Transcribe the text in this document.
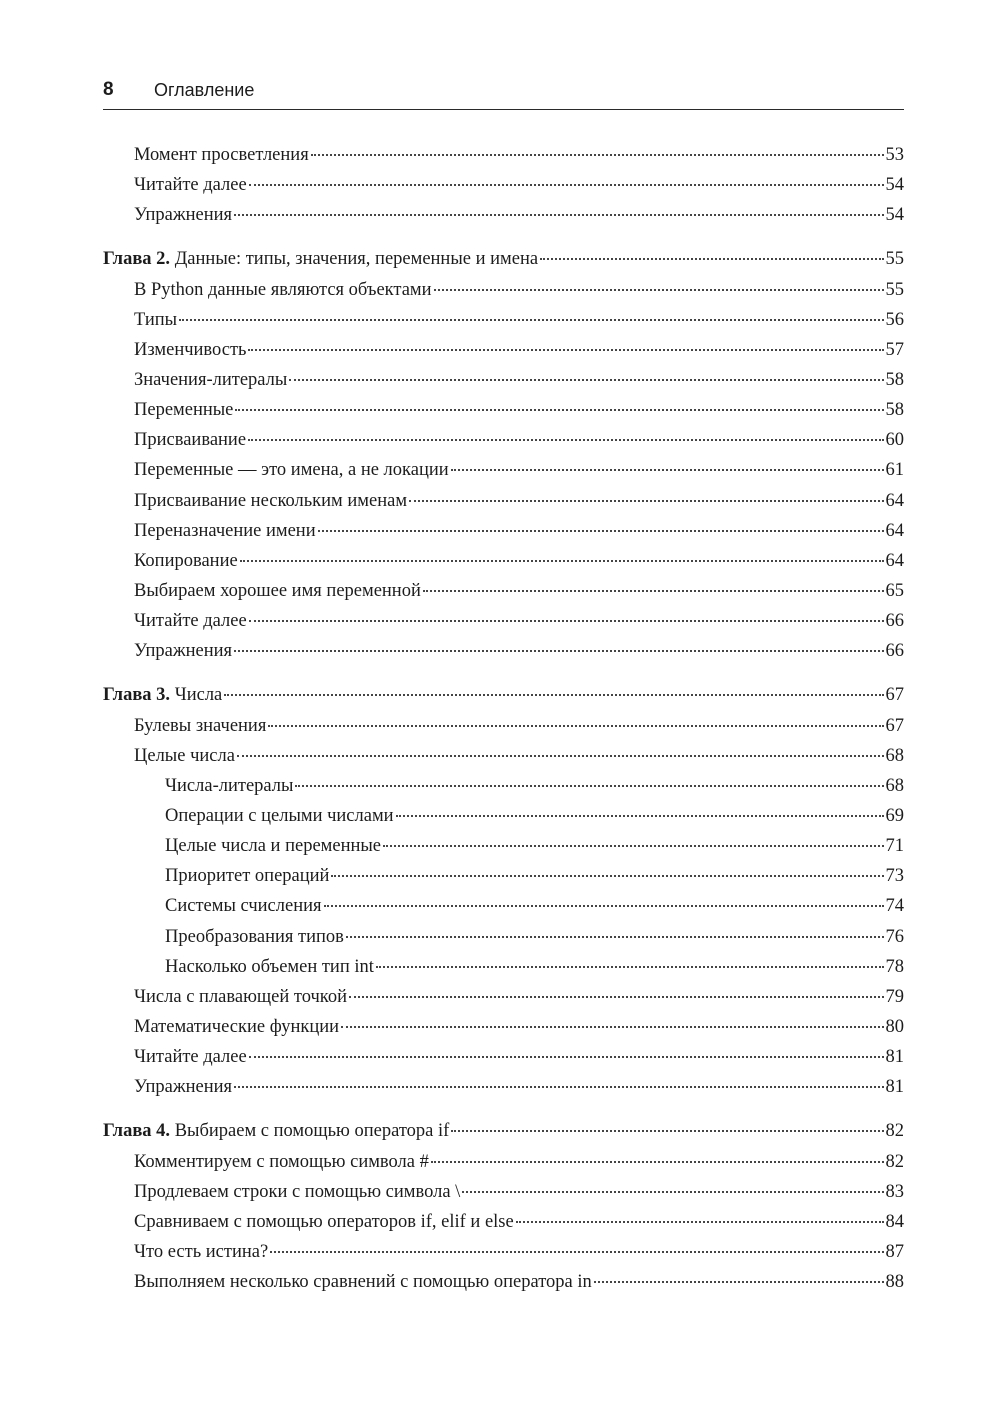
8 Оглавление
Момент просветления	53
Читайте далее	54
Упражнения	54
Глава 2. Данные: типы, значения, переменные и имена	55
В Python данные являются объектами	55
Типы	56
Изменчивость	57
Значения-литералы	58
Переменные	58
Присваивание	60
Переменные — это имена, а не локации	61
Присваивание нескольким именам	64
Переназначение имени	64
Копирование	64
Выбираем хорошее имя переменной	65
Читайте далее	66
Упражнения	66
Глава 3. Числа	67
Булевы значения	67
Целые числа	68
Числа-литералы	68
Операции с целыми числами	69
Целые числа и переменные	71
Приоритет операций	73
Системы счисления	74
Преобразования типов	76
Насколько объемен тип int	78
Числа с плавающей точкой	79
Математические функции	80
Читайте далее	81
Упражнения	81
Глава 4. Выбираем с помощью оператора if	82
Комментируем с помощью символа #	82
Продлеваем строки с помощью символа \	83
Сравниваем с помощью операторов if, elif и else	84
Что есть истина?	87
Выполняем несколько сравнений с помощью оператора in	88
